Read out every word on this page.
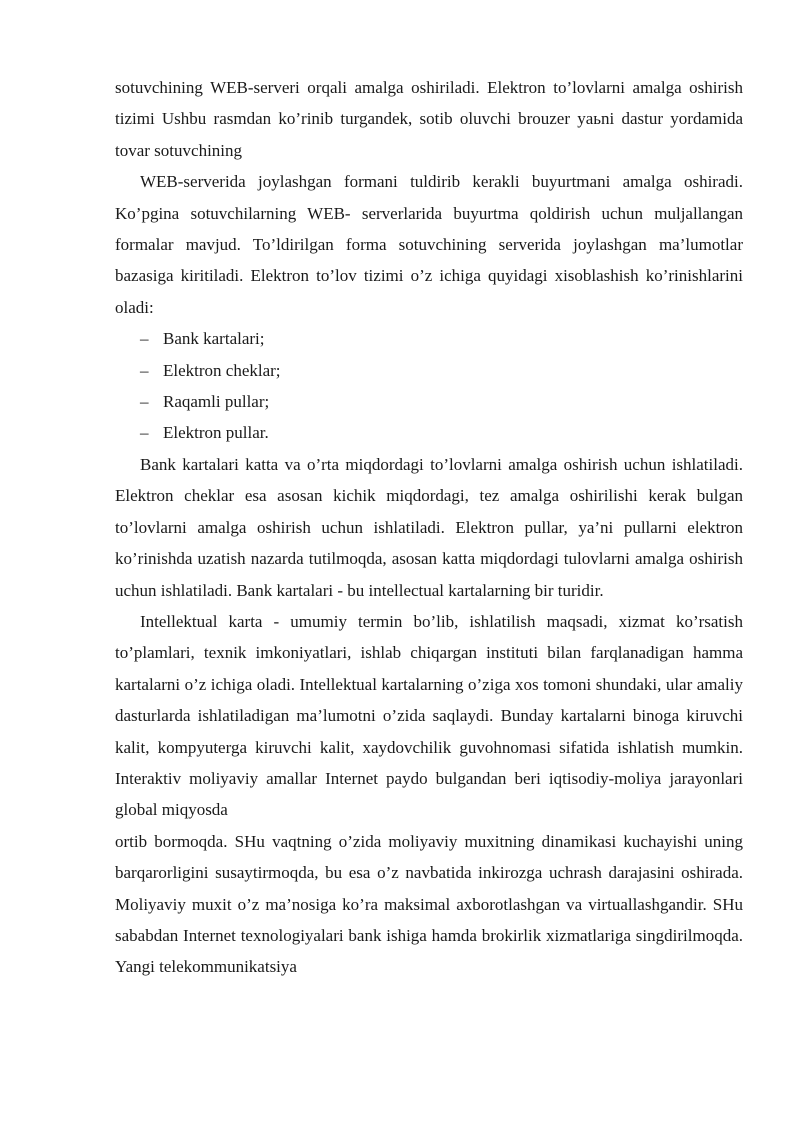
sotuvchining WEB-serveri orqali amalga oshiriladi. Elektron to’lovlarni amalga oshirish tizimi Ushbu rasmdan ko’rinib turgandek, sotib oluvchi brouzer yaьni dastur yordamida tovar sotuvchining

WEB-serverida joylashgan formani tuldirib kerakli buyurtmani amalga oshiradi. Ko’pgina sotuvchilarning WEB- serverlarida buyurtma qoldirish uchun muljallangan formalar mavjud. To’ldirilgan forma sotuvchining serverida joylashgan ma’lumotlar bazasiga kiritiladi. Elektron to’lov tizimi o’z ichiga quyidagi xisoblashish ko’rinishlarini oladi:

– Bank kartalari;
– Elektron cheklar;
– Raqamli pullar;
– Elektron pullar.

Bank kartalari katta va o’rta miqdordagi to’lovlarni amalga oshirish uchun ishlatiladi. Elektron cheklar esa asosan kichik miqdordagi, tez amalga oshirilishi kerak bulgan to’lovlarni amalga oshirish uchun ishlatiladi. Elektron pullar, ya’ni pullarni elektron ko’rinishda uzatish nazarda tutilmoqda, asosan katta miqdordagi tulovlarni amalga oshirish uchun ishlatiladi. Bank kartalari - bu intellectual kartalarning bir turidir.

Intellektual karta - umumiy termin bo’lib, ishlatilish maqsadi, xizmat ko’rsatish to’plamlari, texnik imkoniyatlari, ishlab chiqargan instituti bilan farqlanadigan hamma kartalarni o’z ichiga oladi. Intellektual kartalarning o’ziga xos tomoni shundaki, ular amaliy dasturlarda ishlatiladigan ma’lumotni o’zida saqlaydi. Bunday kartalarni binoga kiruvchi kalit, kompyuterga kiruvchi kalit, xaydovchilik guvohnomasi sifatida ishlatish mumkin. Interaktiv moliyaviy amallar Internet paydo bulgandan beri iqtisodiy-moliya jarayonlari global miqyosda

ortib bormoqda. SHu vaqtning o’zida moliyaviy muxitning dinamikasi kuchayishi uning barqarorligini susaytirmoqda, bu esa o’z navbatida inkirozga uchrash darajasini oshirada. Moliyaviy muxit o’z ma’nosiga ko’ra maksimal axborotlashgan va virtuallashgandir. SHu sababdan Internet texnologiyalari bank ishiga hamda brokirlik xizmatlariga singdirilmoqda. Yangi telekommunikatsiya
